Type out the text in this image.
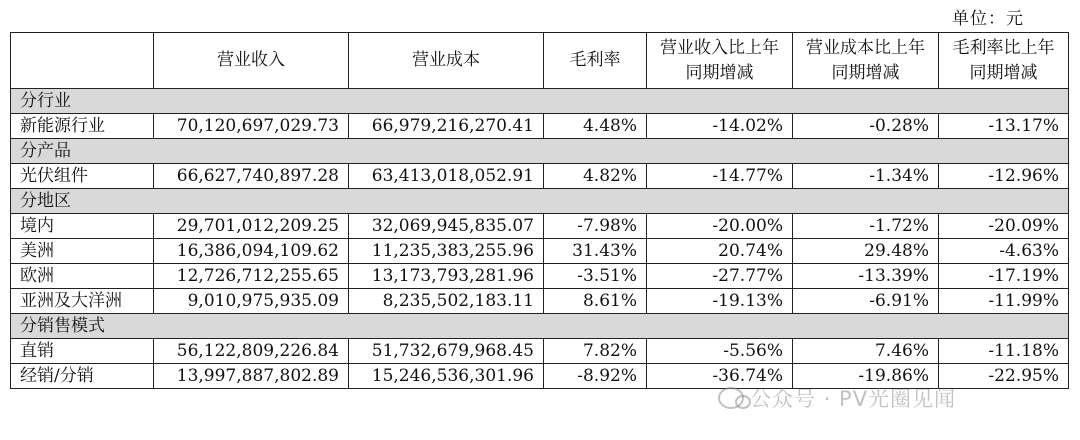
单位：元
	营业收入	营业成本	毛利率	营业收入比上年同期增减	营业成本比上年同期增减	毛利率比上年同期增减
分行业						
新能源行业	70,120,697,029.73	66,979,216,270.41	4.48%	-14.02%	-0.28%	-13.17%
分产品						
光伏组件	66,627,740,897.28	63,413,018,052.91	4.82%	-14.77%	-1.34%	-12.96%
分地区						
境内	29,701,012,209.25	32,069,945,835.07	-7.98%	-20.00%	-1.72%	-20.09%
美洲	16,386,094,109.62	11,235,383,255.96	31.43%	20.74%	29.48%	-4.63%
欧洲	12,726,712,255.65	13,173,793,281.96	-3.51%	-27.77%	-13.39%	-17.19%
亚洲及大洋洲	9,010,975,935.09	8,235,502,183.11	8.61%	-19.13%	-6.91%	-11.99%
分销售模式						
直销	56,122,809,226.84	51,732,679,968.45	7.82%	-5.56%	7.46%	-11.18%
经销/分销	13,997,887,802.89	15,246,536,301.96	-8.92%	-36.74%	-19.86%	-22.95%
公众号 · PV光圈见闻
